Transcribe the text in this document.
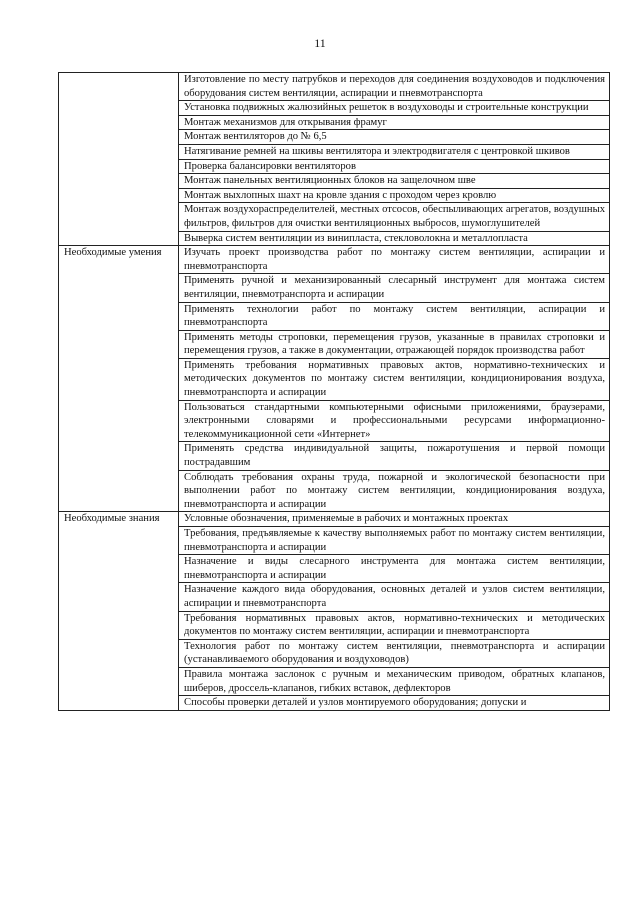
11
	Изготовление по месту патрубков и переходов для соединения воздуховодов и подключения оборудования систем вентиляции, аспирации и пневмотранспорта
	Установка подвижных жалюзийных решеток в воздуховоды и строительные конструкции
	Монтаж механизмов для открывания фрамуг
	Монтаж вентиляторов до № 6,5
	Натягивание ремней на шкивы вентилятора и электродвигателя с центровкой шкивов
	Проверка балансировки вентиляторов
	Монтаж панельных вентиляционных блоков на защелочном шве
	Монтаж выхлопных шахт на кровле здания с проходом через кровлю
	Монтаж воздухораспределителей, местных отсосов, обеспыливающих агрегатов, воздушных фильтров, фильтров для очистки вентиляционных выбросов, шумоглушителей
	Выверка систем вентиляции из винипласта, стекловолокна и металлопласта
Необходимые умения	Изучать проект производства работ по монтажу систем вентиляции, аспирации и пневмотранспорта
	Применять ручной и механизированный слесарный инструмент для монтажа систем вентиляции, пневмотранспорта и аспирации
	Применять технологии работ по монтажу систем вентиляции, аспирации и пневмотранспорта
	Применять методы строповки, перемещения грузов, указанные в правилах строповки и перемещения грузов, а также в документации, отражающей порядок производства работ
	Применять требования нормативных правовых актов, нормативно-технических и методических документов по монтажу систем вентиляции, кондиционирования воздуха, пневмотранспорта и аспирации
	Пользоваться стандартными компьютерными офисными приложениями, браузерами, электронными словарями и профессиональными ресурсами информационно-телекоммуникационной сети «Интернет»
	Применять средства индивидуальной защиты, пожаротушения и первой помощи пострадавшим
	Соблюдать требования охраны труда, пожарной и экологической безопасности при выполнении работ по монтажу систем вентиляции, кондиционирования воздуха, пневмотранспорта и аспирации
Необходимые знания	Условные обозначения, применяемые в рабочих и монтажных проектах
	Требования, предъявляемые к качеству выполняемых работ по монтажу систем вентиляции, пневмотранспорта и аспирации
	Назначение и виды слесарного инструмента для монтажа систем вентиляции, пневмотранспорта и аспирации
	Назначение каждого вида оборудования, основных деталей и узлов систем вентиляции, аспирации и пневмотранспорта
	Требования нормативных правовых актов, нормативно-технических и методических документов по монтажу систем вентиляции, аспирации и пневмотранспорта
	Технология работ по монтажу систем вентиляции, пневмотранспорта и аспирации (устанавливаемого оборудования и воздуховодов)
	Правила монтажа заслонок с ручным и механическим приводом, обратных клапанов, шиберов, дроссель-клапанов, гибких вставок, дефлекторов
	Способы проверки деталей и узлов монтируемого оборудования; допуски и
